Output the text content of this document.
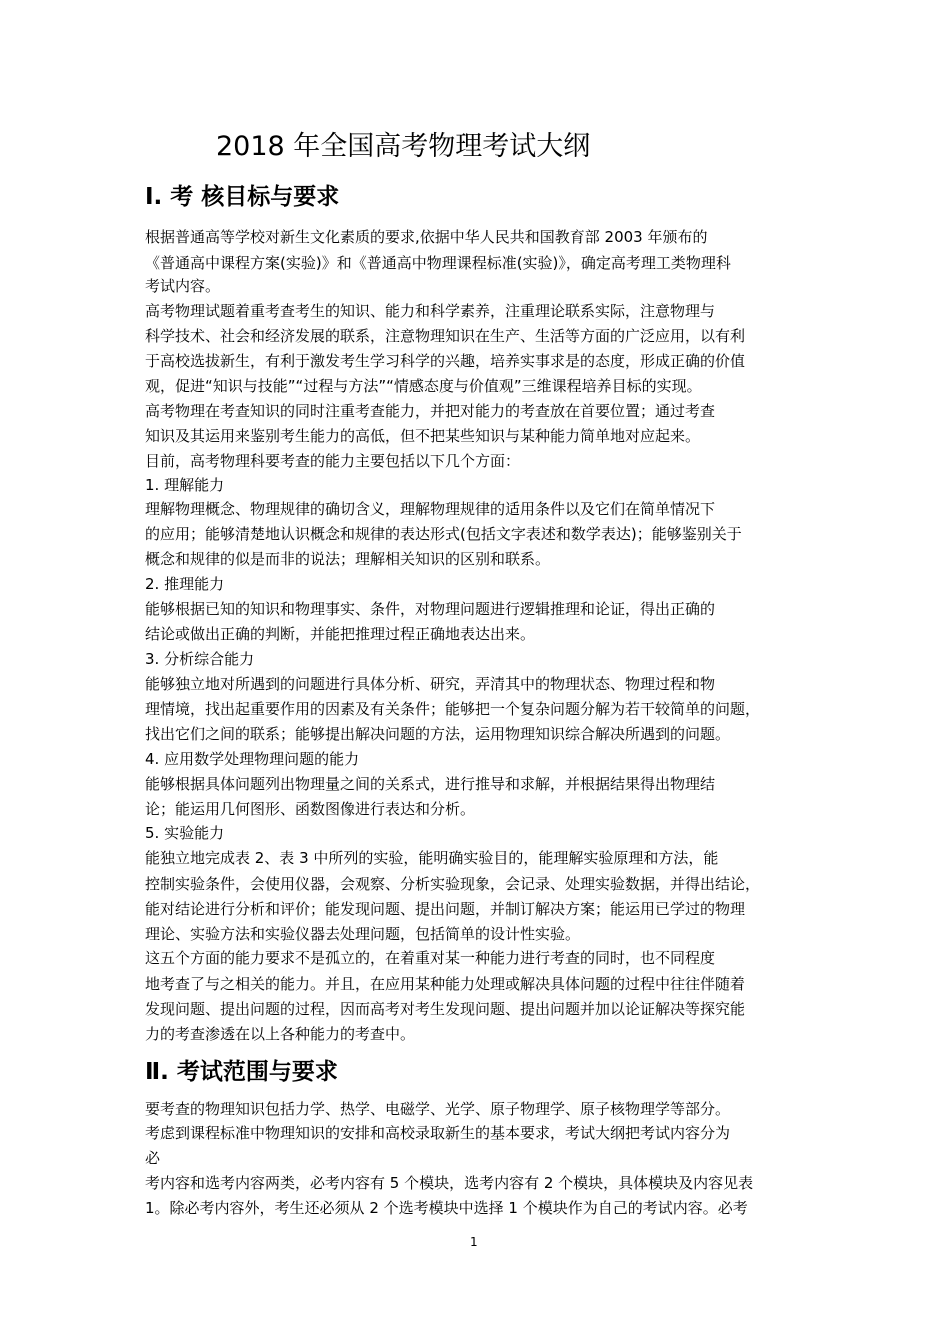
2018 年全国高考物理考试大纲
Ⅰ. 考 核目标与要求
根据普通高等学校对新生文化素质的要求,依据中华人民共和国教育部 2003 年颁布的
《普通高中课程方案(实验)》和《普通高中物理课程标准(实验)》，确定高考理工类物理科
考试内容。
高考物理试题着重考查考生的知识、能力和科学素养，注重理论联系实际，注意物理与
科学技术、社会和经济发展的联系，注意物理知识在生产、生活等方面的广泛应用，以有利
于高校选拔新生，有利于激发考生学习科学的兴趣，培养实事求是的态度，形成正确的价值
观，促进“知识与技能”“过程与方法”“情感态度与价值观”三维课程培养目标的实现。
高考物理在考查知识的同时注重考查能力，并把对能力的考查放在首要位置；通过考查
知识及其运用来鉴别考生能力的高低，但不把某些知识与某种能力简单地对应起来。
目前，高考物理科要考查的能力主要包括以下几个方面：
1. 理解能力
理解物理概念、物理规律的确切含义，理解物理规律的适用条件以及它们在简单情况下
的应用；能够清楚地认识概念和规律的表达形式(包括文字表述和数学表达)；能够鉴别关于
概念和规律的似是而非的说法；理解相关知识的区别和联系。
2. 推理能力
能够根据已知的知识和物理事实、条件，对物理问题进行逻辑推理和论证，得出正确的
结论或做出正确的判断，并能把推理过程正确地表达出来。
3. 分析综合能力
能够独立地对所遇到的问题进行具体分析、研究，弄清其中的物理状态、物理过程和物
理情境，找出起重要作用的因素及有关条件；能够把一个复杂问题分解为若干较简单的问题，
找出它们之间的联系；能够提出解决问题的方法，运用物理知识综合解决所遇到的问题。
4. 应用数学处理物理问题的能力
能够根据具体问题列出物理量之间的关系式，进行推导和求解，并根据结果得出物理结
论；能运用几何图形、函数图像进行表达和分析。
5. 实验能力
能独立地完成表 2、表 3 中所列的实验，能明确实验目的，能理解实验原理和方法，能
控制实验条件，会使用仪器，会观察、分析实验现象，会记录、处理实验数据，并得出结论，
能对结论进行分析和评价；能发现问题、提出问题，并制订解决方案；能运用已学过的物理
理论、实验方法和实验仪器去处理问题，包括简单的设计性实验。
这五个方面的能力要求不是孤立的，在着重对某一种能力进行考查的同时，也不同程度
地考查了与之相关的能力。并且，在应用某种能力处理或解决具体问题的过程中往往伴随着
发现问题、提出问题的过程，因而高考对考生发现问题、提出问题并加以论证解决等探究能
力的考查渗透在以上各种能力的考查中。
Ⅱ. 考试范围与要求
要考查的物理知识包括力学、热学、电磁学、光学、原子物理学、原子核物理学等部分。
考虑到课程标准中物理知识的安排和高校录取新生的基本要求，考试大纲把考试内容分为
必
考内容和选考内容两类，必考内容有 5 个模块，选考内容有 2 个模块，具体模块及内容见表
1。除必考内容外，考生还必须从 2 个选考模块中选择 1 个模块作为自己的考试内容。必考
1
